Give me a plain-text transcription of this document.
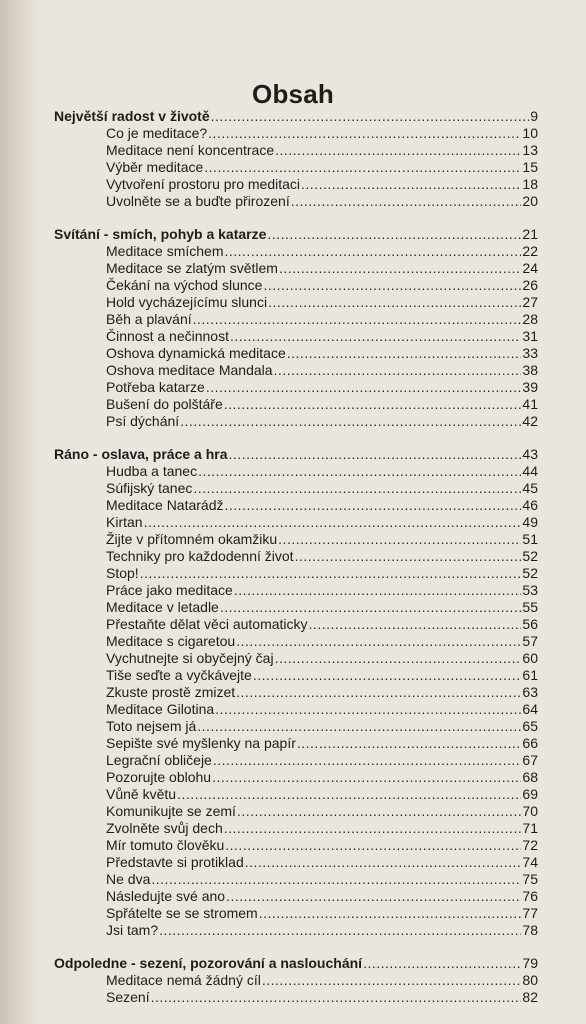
Obsah
Největší radost v životě .....	9
Co je meditace? .....	10
Meditace není koncentrace .....	13
Výběr meditace .....	15
Vytvoření prostoru pro meditaci .....	18
Uvolněte se a buďte přirození .....	20
Svítání - smích, pohyb a katarze .....	21
Meditace smíchem .....	22
Meditace se zlatým světlem .....	24
Čekání na východ slunce .....	26
Hold vycházejícímu slunci .....	27
Běh a plavání .....	28
Činnost a nečinnost .....	31
Oshova dynamická meditace .....	33
Oshova meditace Mandala .....	38
Potřeba katarze .....	39
Bušení do polštáře .....	41
Psí dýchání .....	42
Ráno - oslava, práce a hra .....	43
Hudba a tanec .....	44
Súfijský tanec .....	45
Meditace Natarádž .....	46
Kirtan .....	49
Žijte v přítomném okamžiku .....	51
Techniky pro každodenní život .....	52
Stop! .....	52
Práce jako meditace .....	53
Meditace v letadle .....	55
Přestaňte dělat věci automaticky .....	56
Meditace s cigaretou .....	57
Vychutnejte si obyčejný čaj .....	60
Tiše seďte a vyčkávejte .....	61
Zkuste prostě zmizet .....	63
Meditace Gilotina .....	64
Toto nejsem já .....	65
Sepište své myšlenky na papír .....	66
Legrační obličeje .....	67
Pozorujte oblohu .....	68
Vůně květu .....	69
Komunikujte se zemí .....	70
Zvolněte svůj dech .....	71
Mír tomuto člověku .....	72
Představte si protiklad .....	74
Ne dva .....	75
Následujte své ano .....	76
Spřátelte se se stromem .....	77
Jsi tam? .....	78
Odpoledne - sezení, pozorování a naslouchání .....	79
Meditace nemá žádný cíl .....	80
Sezení .....	82
